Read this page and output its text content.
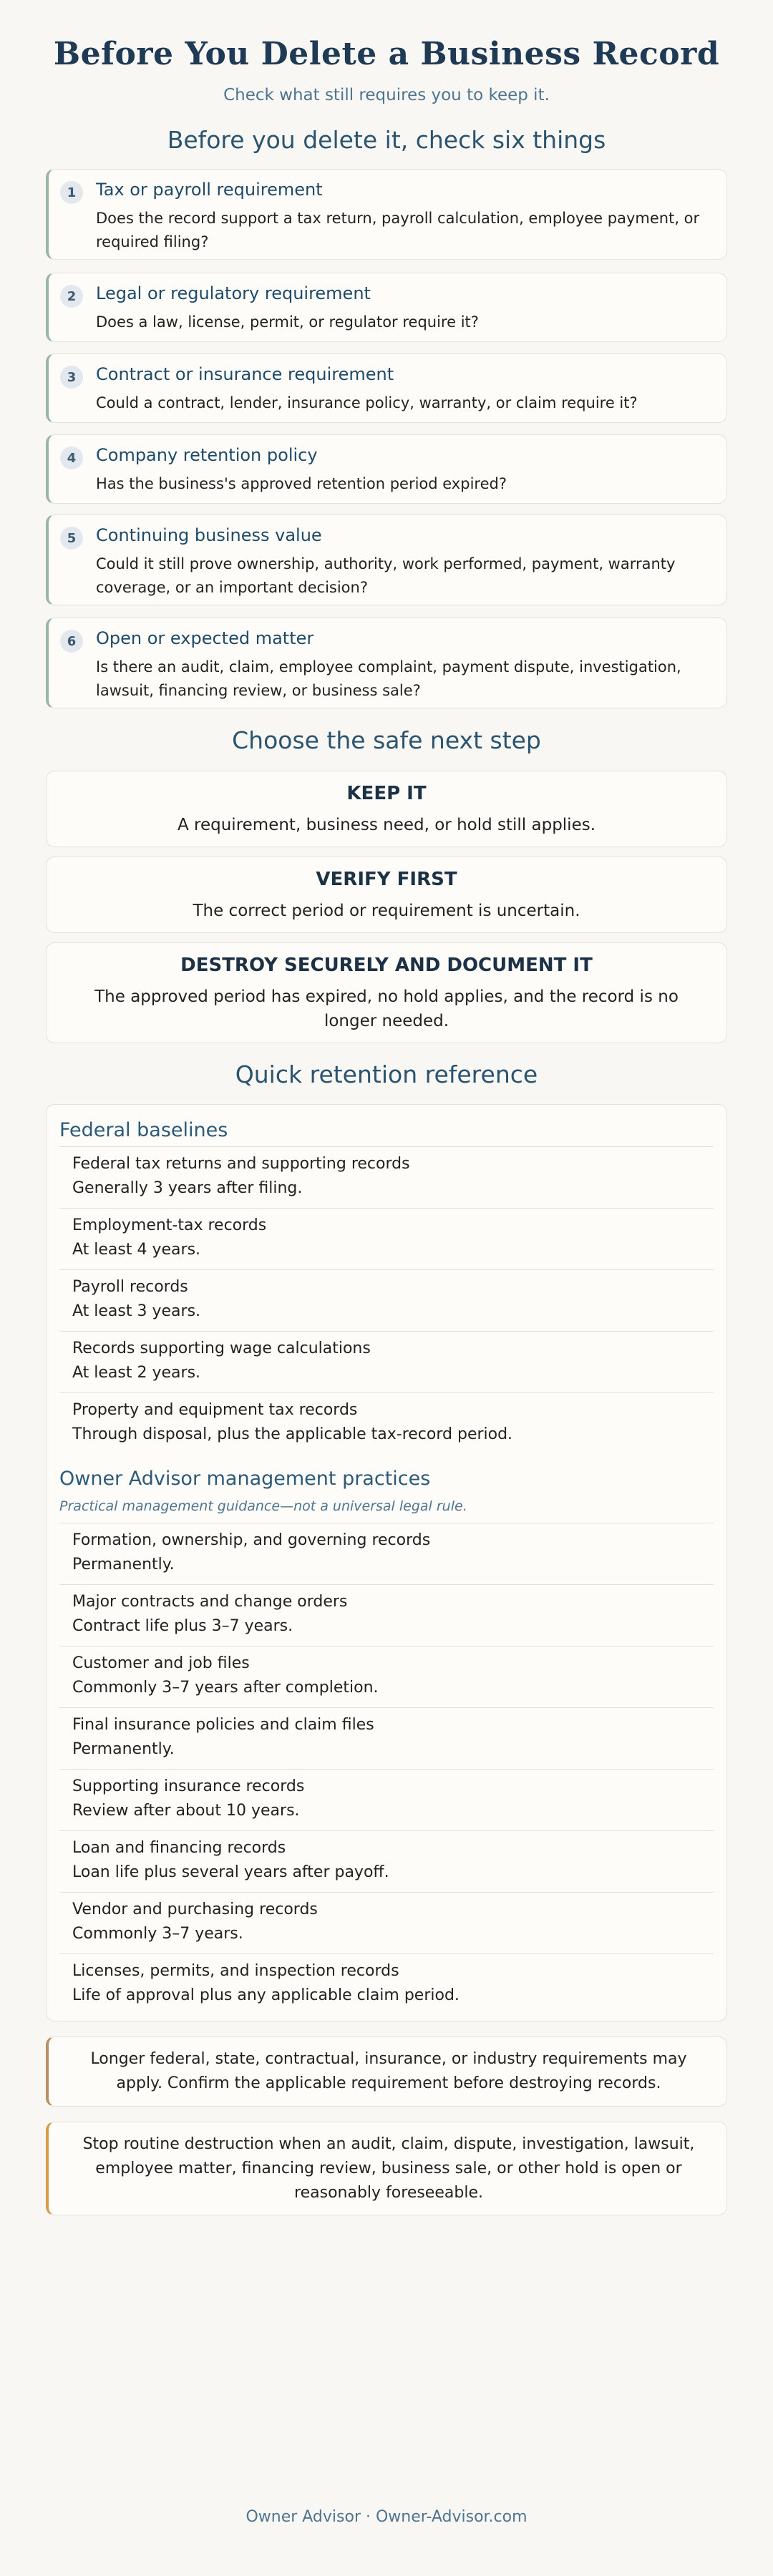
Before You Delete a Business Record
Check what still requires you to keep it.
Before you delete it, check six things
1	Tax or payroll requirement
Does the record support a tax return, payroll calculation, employee payment, or required filing?
2	Legal or regulatory requirement
Does a law, license, permit, or regulator require it?
3	Contract or insurance requirement
Could a contract, lender, insurance policy, warranty, or claim require it?
4	Company retention policy
Has the business's approved retention period expired?
5	Continuing business value
Could it still prove ownership, authority, work performed, payment, warranty coverage, or an important decision?
6	Open or expected matter
Is there an audit, claim, employee complaint, payment dispute, investigation, lawsuit, financing review, or business sale?
Choose the safe next step
KEEP IT
A requirement, business need, or hold still applies.
VERIFY FIRST
The correct period or requirement is uncertain.
DESTROY SECURELY AND DOCUMENT IT
The approved period has expired, no hold applies, and the record is no longer needed.
Quick retention reference
Federal baselines
Federal tax returns and supporting records
Generally 3 years after filing.
Employment-tax records
At least 4 years.
Payroll records
At least 3 years.
Records supporting wage calculations
At least 2 years.
Property and equipment tax records
Through disposal, plus the applicable tax-record period.
Owner Advisor management practices
Practical management guidance—not a universal legal rule.
Formation, ownership, and governing records
Permanently.
Major contracts and change orders
Contract life plus 3–7 years.
Customer and job files
Commonly 3–7 years after completion.
Final insurance policies and claim files
Permanently.
Supporting insurance records
Review after about 10 years.
Loan and financing records
Loan life plus several years after payoff.
Vendor and purchasing records
Commonly 3–7 years.
Licenses, permits, and inspection records
Life of approval plus any applicable claim period.
Longer federal, state, contractual, insurance, or industry requirements may apply. Confirm the applicable requirement before destroying records.
Stop routine destruction when an audit, claim, dispute, investigation, lawsuit, employee matter, financing review, business sale, or other hold is open or reasonably foreseeable.
Owner Advisor · Owner-Advisor.com
